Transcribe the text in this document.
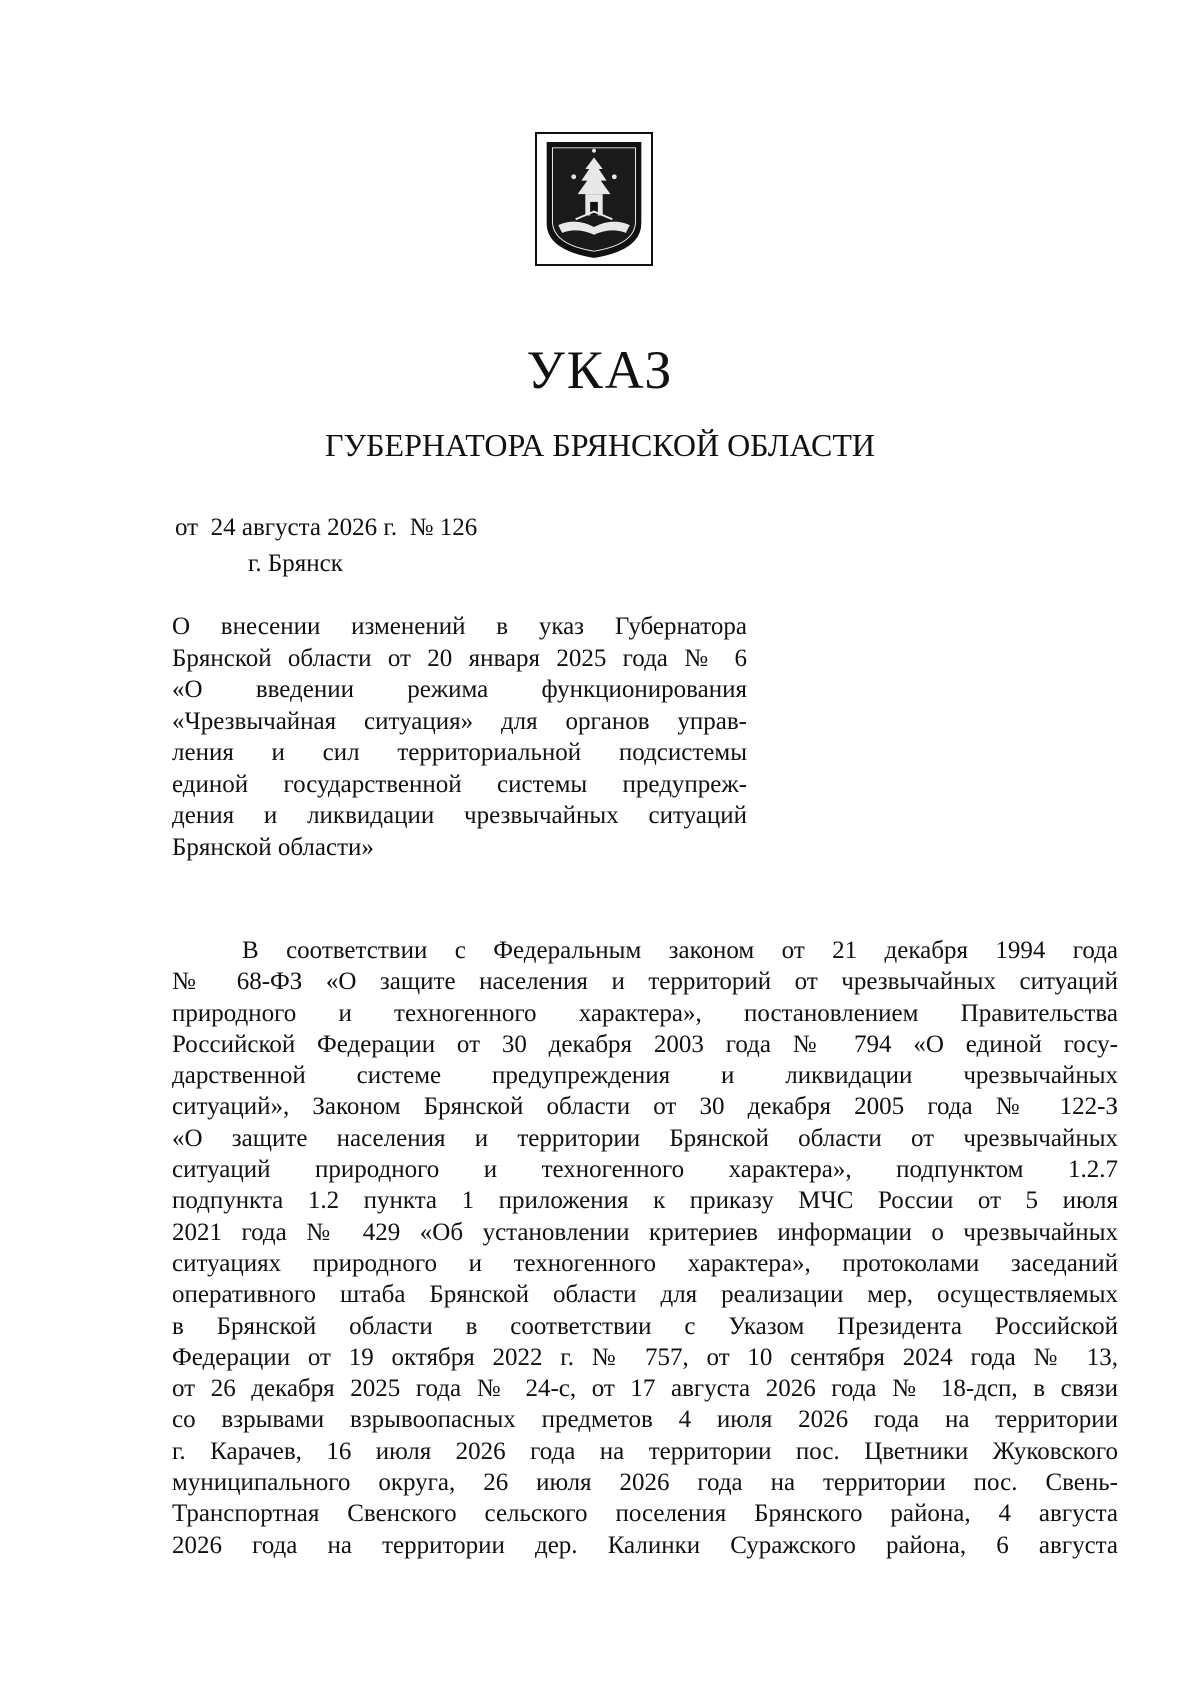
УКАЗ
ГУБЕРНАТОРА БРЯНСКОЙ ОБЛАСТИ
от  24 августа 2026 г.  № 126
г. Брянск
О внесении изменений в указ Губернатора
Брянской области от 20 января 2025 года № 6
«О введении режима функционирования
«Чрезвычайная ситуация» для органов управ-
ления и сил территориальной подсистемы
единой государственной системы предупреж-
дения и ликвидации чрезвычайных ситуаций
Брянской области»
В соответствии с Федеральным законом от 21 декабря 1994 года
№ 68-ФЗ «О защите населения и территорий от чрезвычайных ситуаций
природного и техногенного характера», постановлением Правительства
Российской Федерации от 30 декабря 2003 года № 794 «О единой госу-
дарственной системе предупреждения и ликвидации чрезвычайных
ситуаций», Законом Брянской области от 30 декабря 2005 года № 122-З
«О защите населения и территории Брянской области от чрезвычайных
ситуаций природного и техногенного характера», подпунктом 1.2.7
подпункта 1.2 пункта 1 приложения к приказу МЧС России от 5 июля
2021 года № 429 «Об установлении критериев информации о чрезвычайных
ситуациях природного и техногенного характера», протоколами заседаний
оперативного штаба Брянской области для реализации мер, осуществляемых
в Брянской области в соответствии с Указом Президента Российской
Федерации от 19 октября 2022 г. № 757, от 10 сентября 2024 года № 13,
от 26 декабря 2025 года № 24-с, от 17 августа 2026 года № 18-дсп, в связи
со взрывами взрывоопасных предметов 4 июля 2026 года на территории
г. Карачев, 16 июля 2026 года на территории пос. Цветники Жуковского
муниципального округа, 26 июля 2026 года на территории пос. Свень-
Транспортная Свенского сельского поселения Брянского района, 4 августа
2026 года на территории дер. Калинки Суражского района, 6 августа
